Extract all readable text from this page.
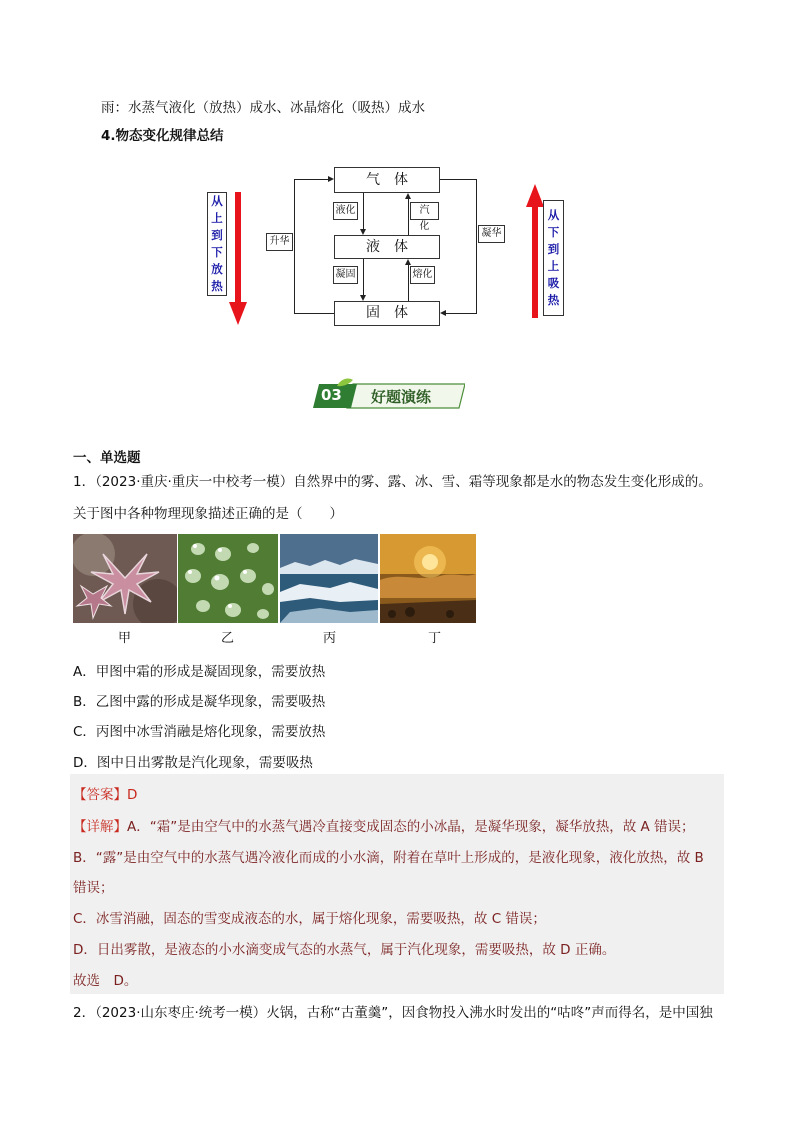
雨：水蒸气液化（放热）成水、冰晶熔化（吸热）成水
4.物态变化规律总结
从
上
到
下
放
热
从
下
到
上
吸
热
气　体
液　体
固　体
液化	汽　化
凝固	熔化
升华
凝华
03 好题演练
一、单选题
1．（2023·重庆·重庆一中校考一模）自然界中的雾、露、冰、雪、霜等现象都是水的物态发生变化形成的。
关于图中各种物理现象描述正确的是（　　）
甲	乙	丙	丁
A．甲图中霜的形成是凝固现象，需要放热
B．乙图中露的形成是凝华现象，需要吸热
C．丙图中冰雪消融是熔化现象，需要放热
D．图中日出雾散是汽化现象，需要吸热
【答案】D
【详解】A．“霜”是由空气中的水蒸气遇冷直接变成固态的小冰晶，是凝华现象，凝华放热，故 A 错误；
B．“露”是由空气中的水蒸气遇冷液化而成的小水滴，附着在草叶上形成的，是液化现象，液化放热，故 B
错误；
C．冰雪消融，固态的雪变成液态的水，属于熔化现象，需要吸热，故 C 错误；
D．日出雾散，是液态的小水滴变成气态的水蒸气，属于汽化现象，需要吸热，故 D 正确。
故选　D。
2．（2023·山东枣庄·统考一模）火锅，古称“古董羹”，因食物投入沸水时发出的“咕咚”声而得名，是中国独
